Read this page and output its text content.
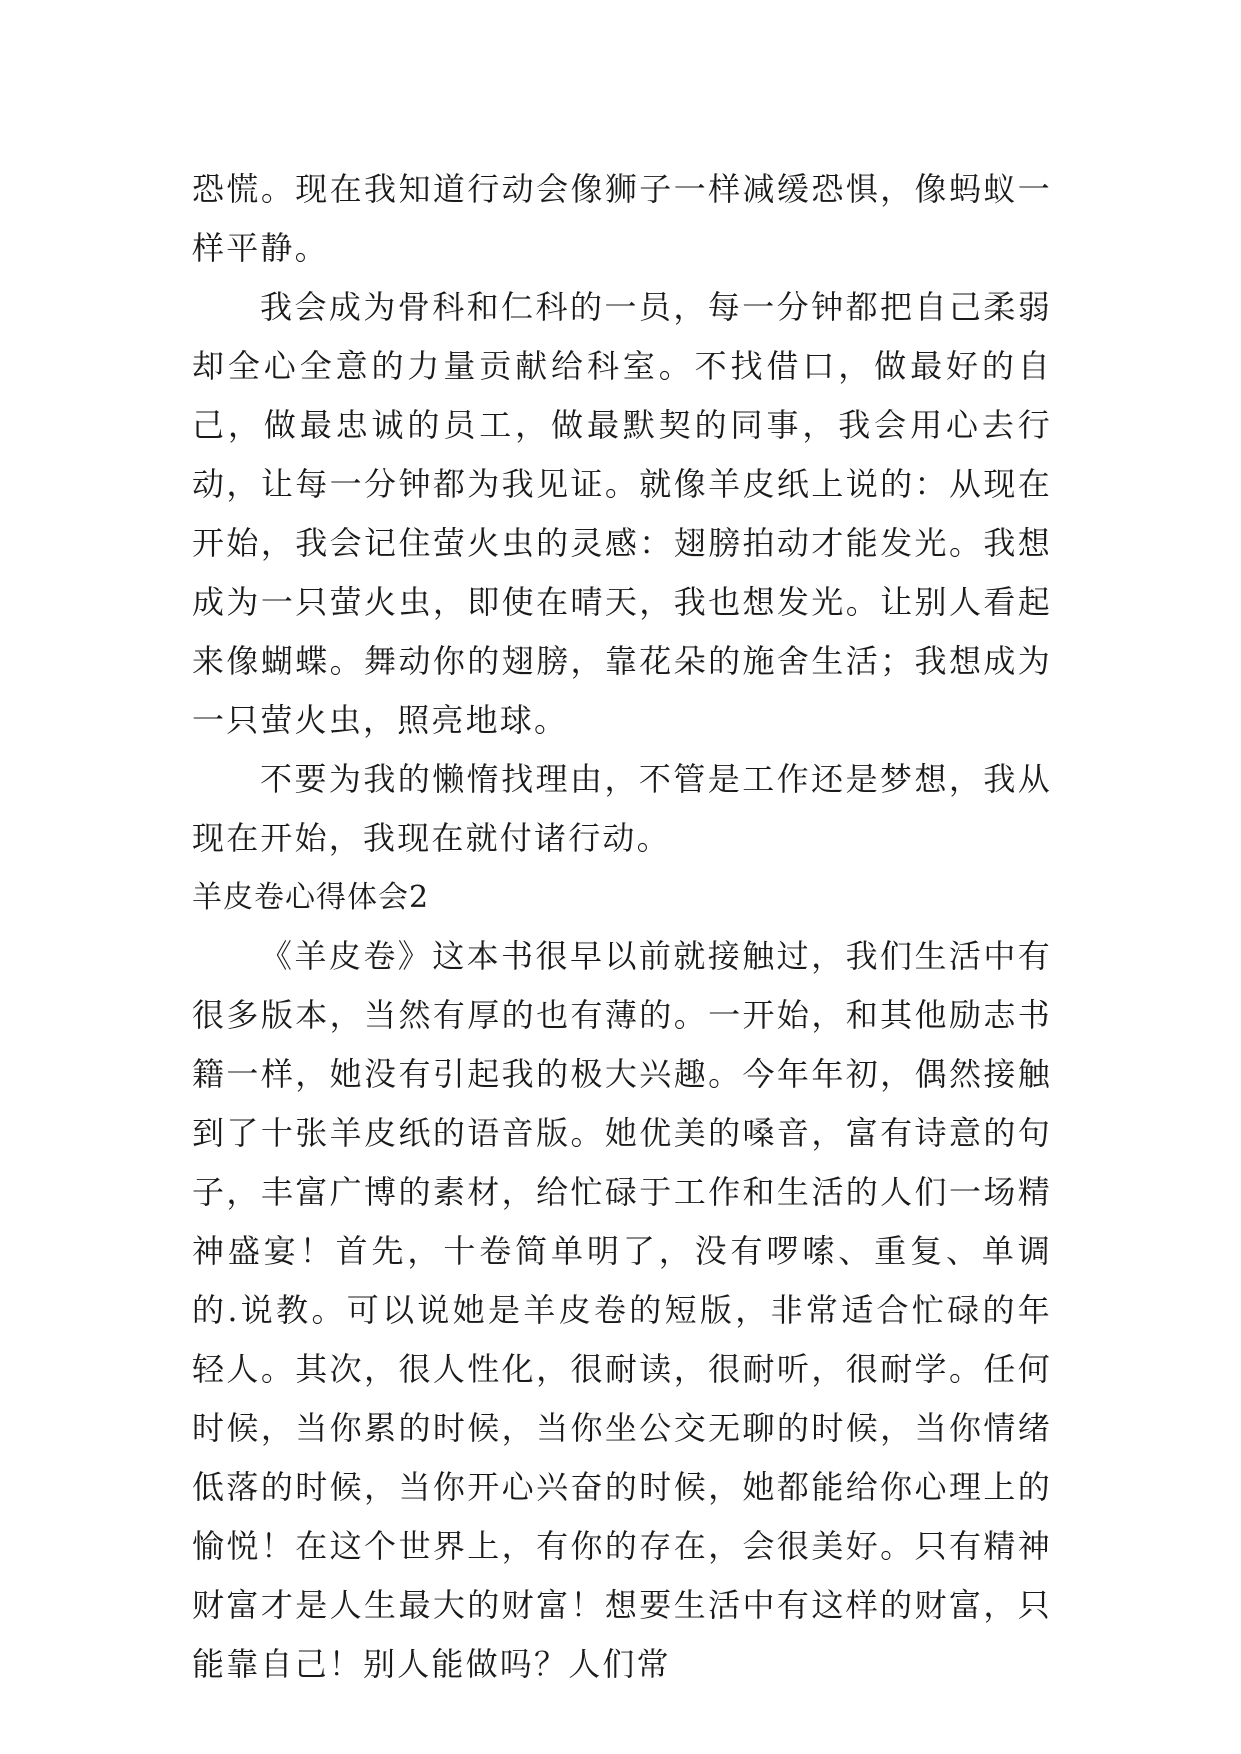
恐慌。现在我知道行动会像狮子一样减缓恐惧，像蚂蚁一样平静。

我会成为骨科和仁科的一员，每一分钟都把自己柔弱却全心全意的力量贡献给科室。不找借口，做最好的自己，做最忠诚的员工，做最默契的同事，我会用心去行动，让每一分钟都为我见证。就像羊皮纸上说的：从现在开始，我会记住萤火虫的灵感：翅膀拍动才能发光。我想成为一只萤火虫，即使在晴天，我也想发光。让别人看起来像蝴蝶。舞动你的翅膀，靠花朵的施舍生活；我想成为一只萤火虫，照亮地球。

不要为我的懒惰找理由，不管是工作还是梦想，我从现在开始，我现在就付诸行动。

羊皮卷心得体会2

《羊皮卷》这本书很早以前就接触过，我们生活中有很多版本，当然有厚的也有薄的。一开始，和其他励志书籍一样，她没有引起我的极大兴趣。今年年初，偶然接触到了十张羊皮纸的语音版。她优美的嗓音，富有诗意的句子，丰富广博的素材，给忙碌于工作和生活的人们一场精神盛宴！首先，十卷简单明了，没有啰嗦、重复、单调的.说教。可以说她是羊皮卷的短版，非常适合忙碌的年轻人。其次，很人性化，很耐读，很耐听，很耐学。任何时候，当你累的时候，当你坐公交无聊的时候，当你情绪低落的时候，当你开心兴奋的时候，她都能给你心理上的愉悦！在这个世界上，有你的存在，会很美好。只有精神财富才是人生最大的财富！想要生活中有这样的财富，只能靠自己！别人能做吗？人们常
